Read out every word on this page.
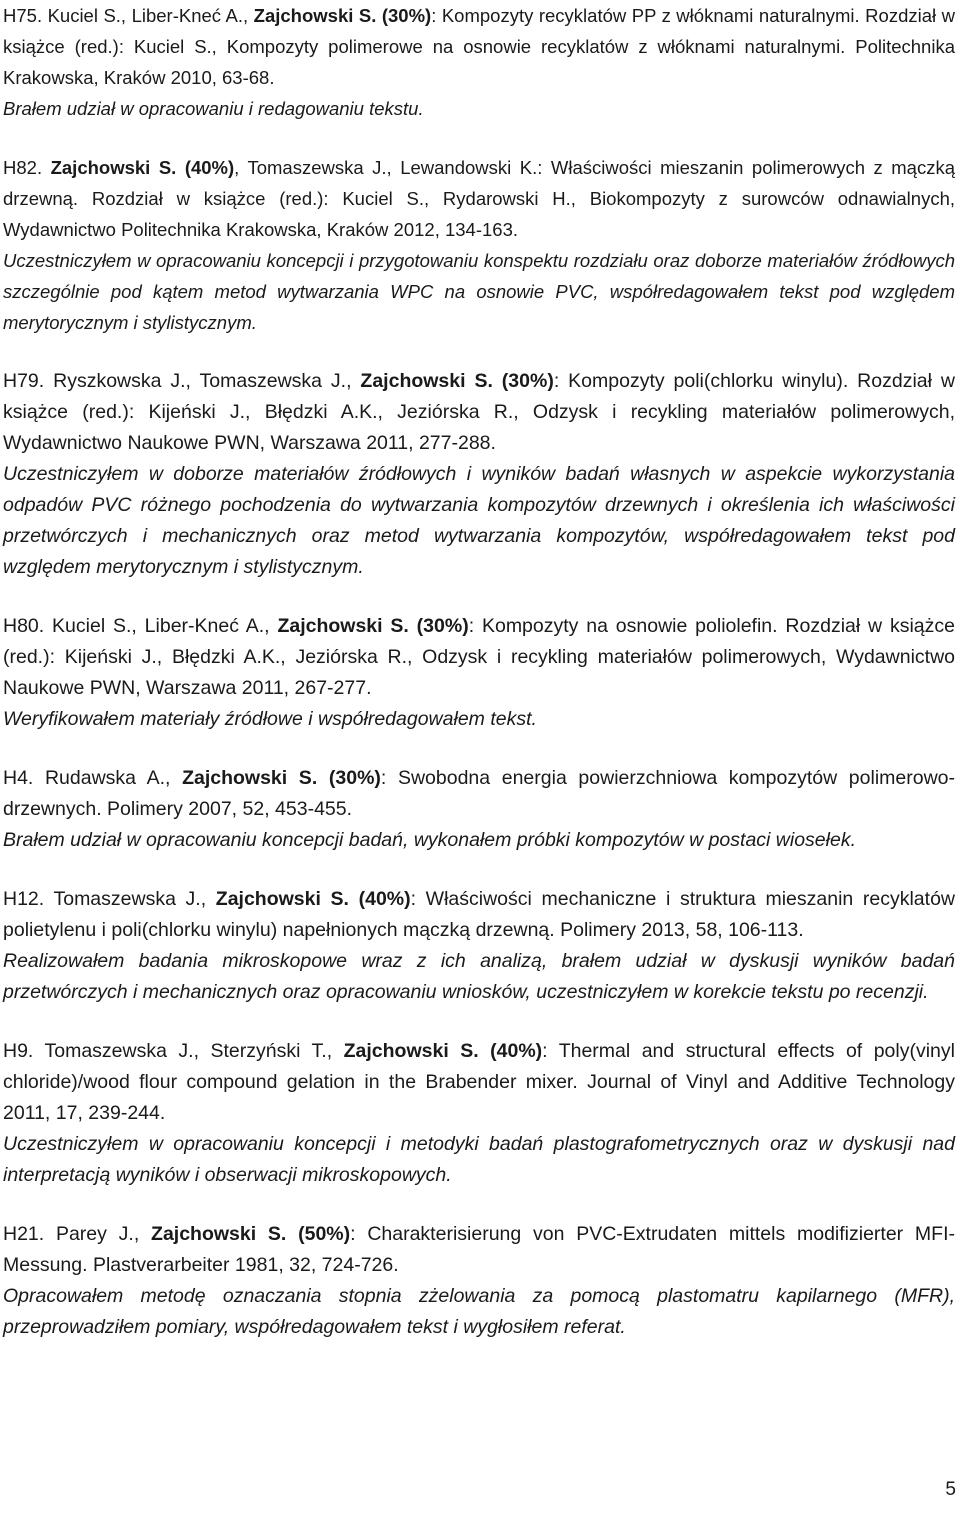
H75. Kuciel S., Liber-Kneć A., Zajchowski S. (30%): Kompozyty recyklatów PP z włóknami naturalnymi. Rozdział w książce (red.): Kuciel S., Kompozyty polimerowe na osnowie recyklatów z włóknami naturalnymi. Politechnika Krakowska, Kraków 2010, 63-68.

Brałem udział w opracowaniu i redagowaniu tekstu.

H82. Zajchowski S. (40%), Tomaszewska J., Lewandowski K.: Właściwości mieszanin polimerowych z mączką drzewną. Rozdział w książce (red.): Kuciel S., Rydarowski H., Biokompozyty z surowców odnawialnych, Wydawnictwo Politechnika Krakowska, Kraków 2012, 134-163.

Uczestniczyłem w opracowaniu koncepcji i przygotowaniu konspektu rozdziału oraz doborze materiałów źródłowych szczególnie pod kątem metod wytwarzania WPC na osnowie PVC, współredagowałem tekst pod względem merytorycznym i stylistycznym.

H79. Ryszkowska J., Tomaszewska J., Zajchowski S. (30%): Kompozyty poli(chlorku winylu). Rozdział w książce (red.): Kijeński J., Błędzki A.K., Jeziórska R., Odzysk i recykling materiałów polimerowych, Wydawnictwo Naukowe PWN, Warszawa 2011, 277-288.

Uczestniczyłem w doborze materiałów źródłowych i wyników badań własnych w aspekcie wykorzystania odpadów PVC różnego pochodzenia do wytwarzania kompozytów drzewnych i określenia ich właściwości przetwórczych i mechanicznych oraz metod wytwarzania kompozytów, współredagowałem tekst pod względem merytorycznym i stylistycznym.

H80. Kuciel S., Liber-Kneć A., Zajchowski S. (30%): Kompozyty na osnowie poliolefin. Rozdział w książce (red.): Kijeński J., Błędzki A.K., Jeziórska R., Odzysk i recykling materiałów polimerowych, Wydawnictwo Naukowe PWN, Warszawa 2011, 267-277.

Weryfikowałem materiały źródłowe i współredagowałem tekst.

H4. Rudawska A., Zajchowski S. (30%): Swobodna energia powierzchniowa kompozytów polimerowo-drzewnych. Polimery 2007, 52, 453-455.

Brałem udział w opracowaniu koncepcji badań, wykonałem próbki kompozytów w postaci wiosełek.

H12. Tomaszewska J., Zajchowski S. (40%): Właściwości mechaniczne i struktura mieszanin recyklatów polietylenu i poli(chlorku winylu) napełnionych mączką drzewną. Polimery 2013, 58, 106-113.

Realizowałem badania mikroskopowe wraz z ich analizą, brałem udział w dyskusji wyników badań przetwórczych i mechanicznych oraz opracowaniu wniosków, uczestniczyłem w korekcie tekstu po recenzji.

H9. Tomaszewska J., Sterzyński T., Zajchowski S. (40%): Thermal and structural effects of poly(vinyl chloride)/wood flour compound gelation in the Brabender mixer. Journal of Vinyl and Additive Technology 2011, 17, 239-244.

Uczestniczyłem w opracowaniu koncepcji i metodyki badań plastografometrycznych oraz w dyskusji nad interpretacją wyników i obserwacji mikroskopowych.

H21. Parey J., Zajchowski S. (50%): Charakterisierung von PVC-Extrudaten mittels modifizierter MFI-Messung. Plastverarbeiter 1981, 32, 724-726.

Opracowałem metodę oznaczania stopnia zżelowania za pomocą plastomatru kapilarnego (MFR), przeprowadziłem pomiary, współredagowałem tekst i wygłosiłem referat.

5
